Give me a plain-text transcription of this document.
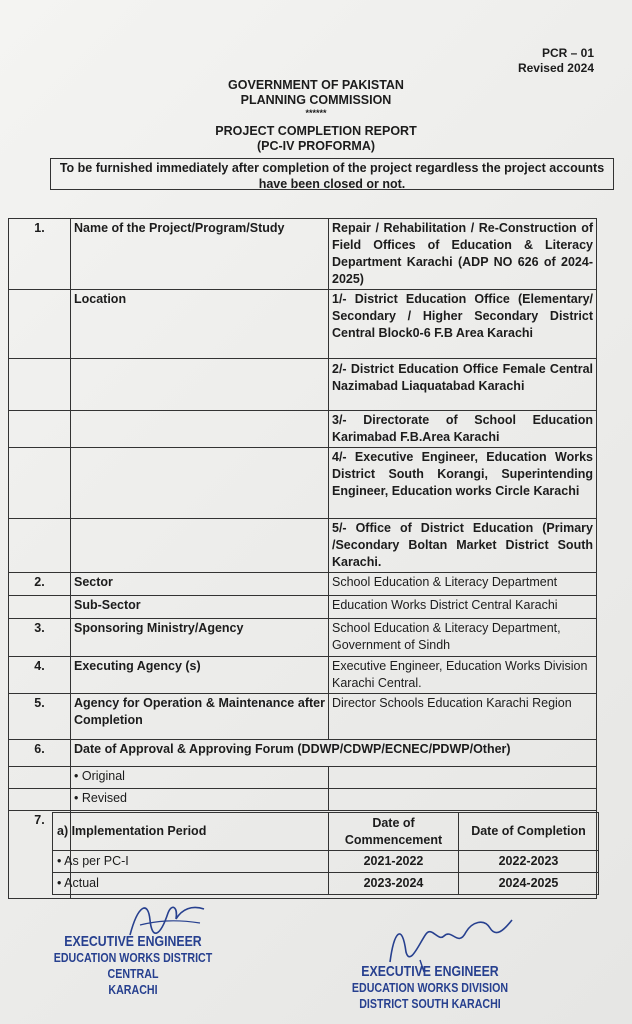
PCR – 01
Revised 2024
GOVERNMENT OF PAKISTAN
PLANNING COMMISSION
******
PROJECT COMPLETION REPORT
(PC-IV PROFORMA)
To be furnished immediately after completion of the project regardless the project accounts have been closed or not.
1.	Name of the Project/Program/Study	Repair / Rehabilitation / Re-Construction of Field Offices of Education & Literacy Department Karachi (ADP NO 626 of 2024-2025)
	Location	1/- District Education Office (Elementary/ Secondary / Higher Secondary District Central Block0-6 F.B Area Karachi
		2/- District Education Office Female Central Nazimabad Liaquatabad Karachi
		3/- Directorate of School Education Karimabad F.B.Area Karachi
		4/- Executive Engineer, Education Works District South Korangi, Superintending Engineer, Education works Circle Karachi
		5/- Office of District Education (Primary /Secondary Boltan Market District South Karachi.
2.	Sector	School Education & Literacy Department
	Sub-Sector	Education Works District Central Karachi
3.	Sponsoring Ministry/Agency	School Education & Literacy Department, Government of Sindh
4.	Executing Agency (s)	Executive Engineer, Education Works Division Karachi Central.
5.	Agency for Operation & Maintenance after Completion	Director Schools Education Karachi Region
6.	Date of Approval & Approving Forum (DDWP/CDWP/ECNEC/PDWP/Other)	
	• Original	
	• Revised	
7.		
a) Implementation Period	Date of Commencement	Date of Completion
• As per PC-I	2021-2022	2022-2023
• Actual	2023-2024	2024-2025
EXECUTIVE ENGINEER
EDUCATION WORKS DISTRICT CENTRAL
KARACHI
EXECUTIVE ENGINEER
EDUCATION WORKS DIVISION
DISTRICT SOUTH KARACHI
